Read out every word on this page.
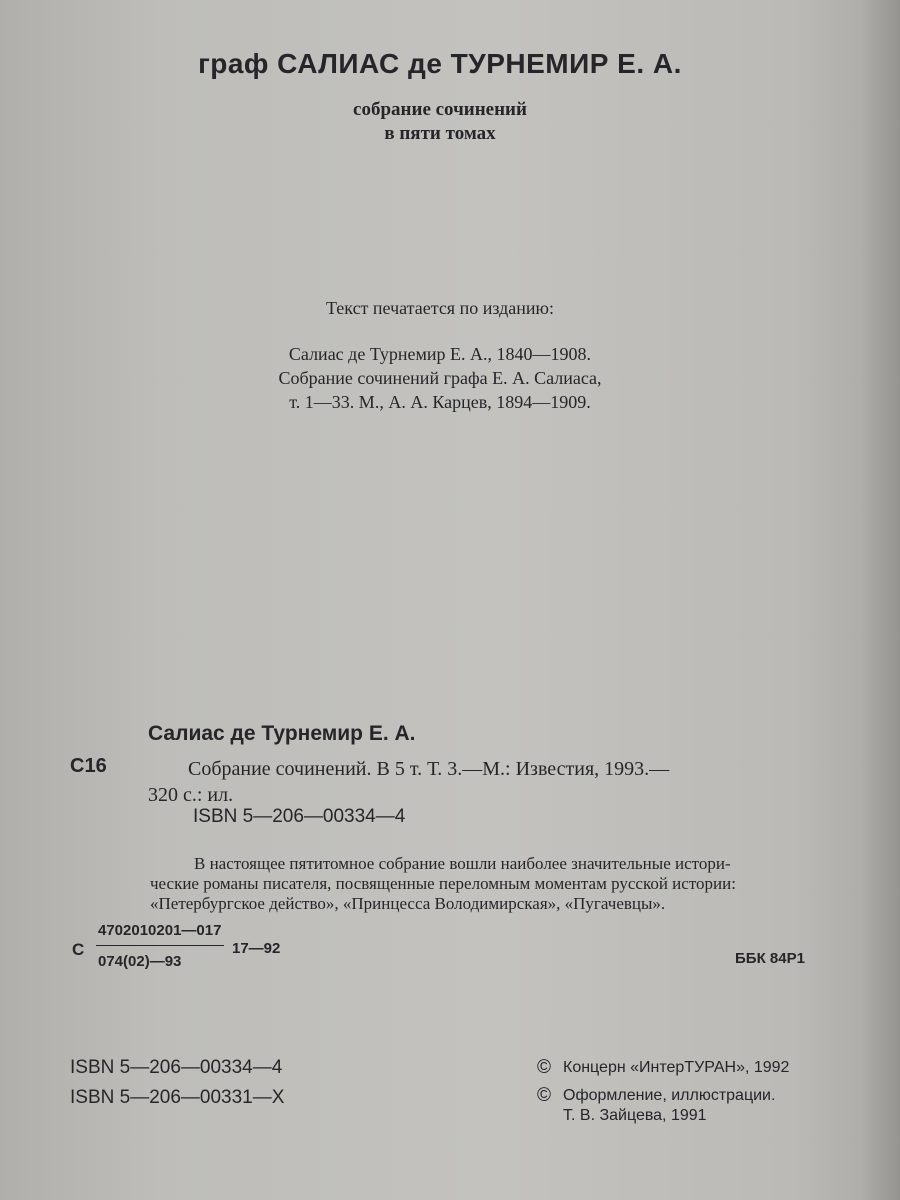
граф САЛИАС де ТУРНЕМИР Е. А.
собрание сочинений
в пяти томах
Текст печатается по изданию:
Салиас де Турнемир Е. А., 1840—1908.
Собрание сочинений графа Е. А. Салиаса,
т. 1—33. М., А. А. Карцев, 1894—1909.
Салиас де Турнемир Е. А.
С16	Собрание сочинений. В 5 т. Т. 3.—М.: Известия, 1993.—
320 с.: ил.
ISBN 5—206—00334—4
В настоящее пятитомное собрание вошли наиболее значительные истори-
ческие романы писателя, посвященные переломным моментам русской истории:
«Петербургское действо», «Принцесса Володимирская», «Пугачевцы».
С
4702010201—017
074(02)—93
17—92
ББК 84Р1
ISBN 5—206—00334—4
ISBN 5—206—00331—X
© Концерн «ИнтерТУРАН», 1992
© Оформление, иллюстрации.
Т. В. Зайцева, 1991
